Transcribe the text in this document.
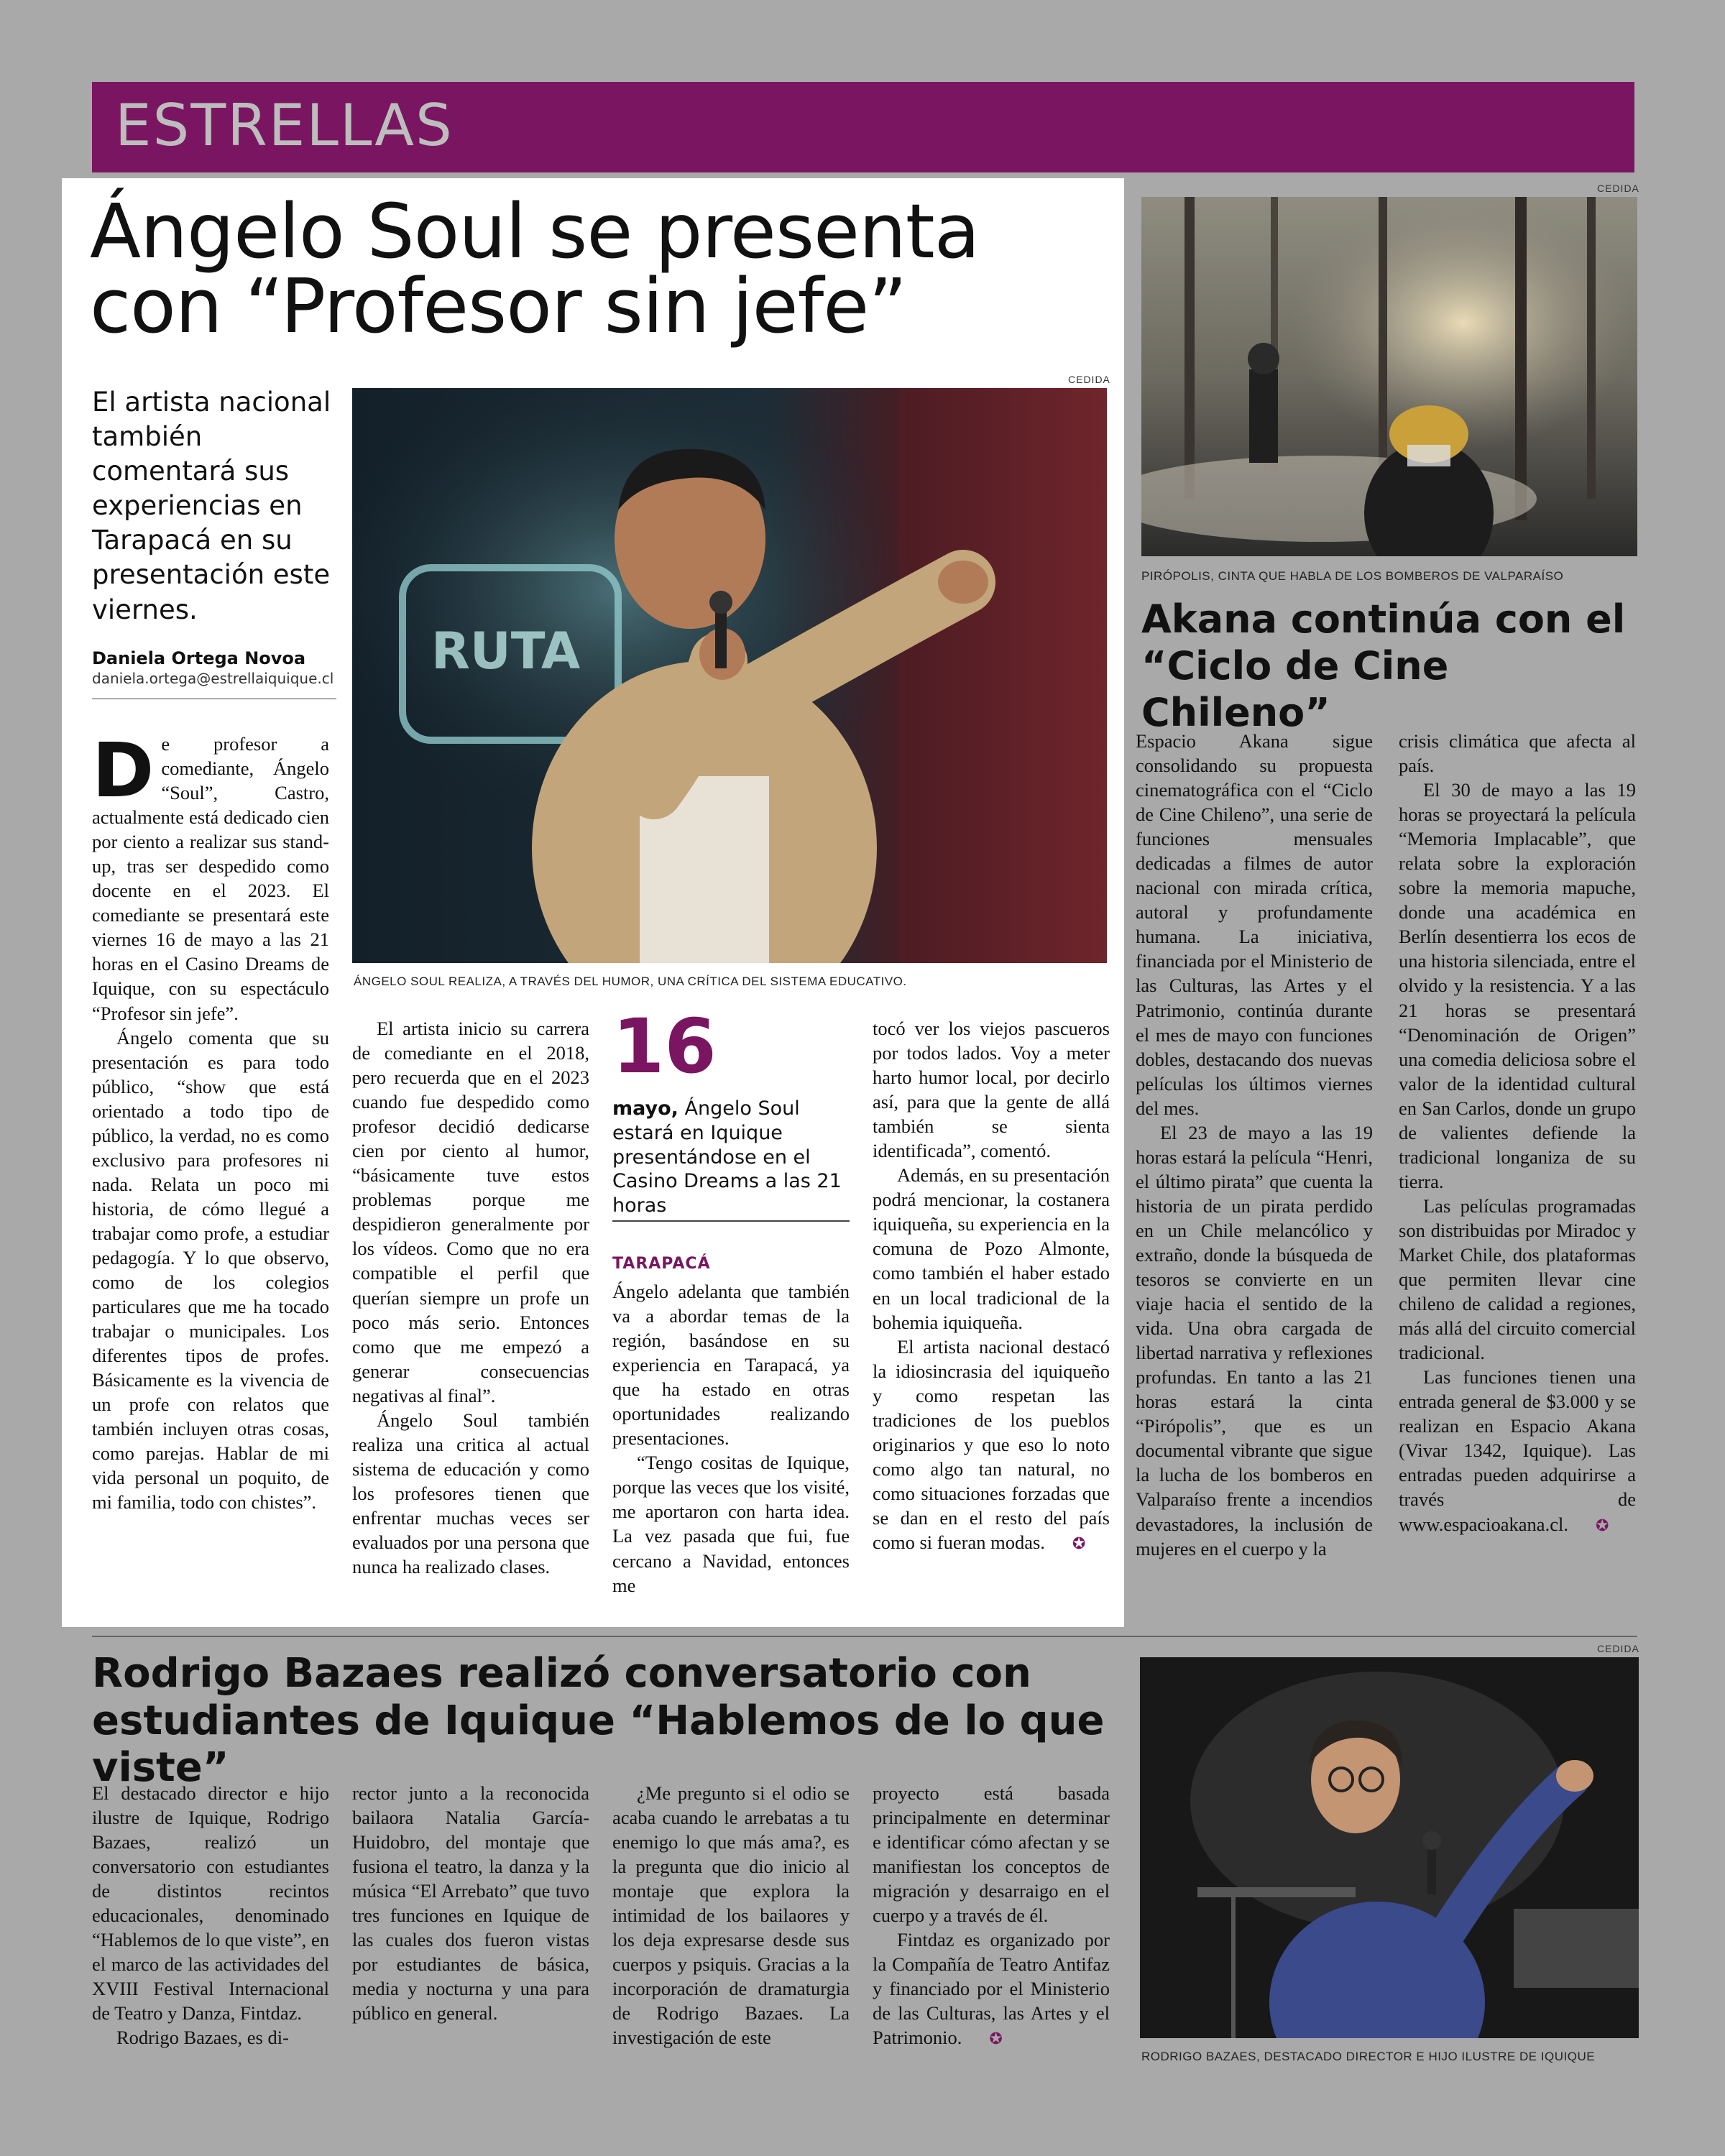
ESTRELLAS
Ángelo Soul se presenta con “Profesor sin jefe”
El artista nacional también comentará sus experiencias en Tarapacá en su presentación este viernes.
Daniela Ortega Novoa
daniela.ortega@estrellaiquique.cl
CEDIDA
RUTA
ÁNGELO SOUL REALIZA, A TRAVÉS DEL HUMOR, UNA CRÍTICA DEL SISTEMA EDUCATIVO.

De profesor a comediante, Ángelo “Soul”, Castro, actualmente está dedicado cien por ciento a realizar sus stand-up, tras ser despedido como docente en el 2023. El comediante se presentará este viernes 16 de mayo a las 21 horas en el Casino Dreams de Iquique, con su espectáculo “Profesor sin jefe”.

Ángelo comenta que su presentación es para todo público, “show que está orientado a todo tipo de público, la verdad, no es como exclusivo para profesores ni nada. Relata un poco mi historia, de cómo llegué a trabajar como profe, a estudiar pedagogía. Y lo que observo, como de los colegios particulares que me ha tocado trabajar o municipales. Los diferentes tipos de profes. Básicamente es la vivencia de un profe con relatos que también incluyen otras cosas, como parejas. Hablar de mi vida personal un poquito, de mi familia, todo con chistes”.

El artista inicio su carrera de comediante en el 2018, pero recuerda que en el 2023 cuando fue despedido como profesor decidió dedicarse cien por ciento al humor, “básicamente tuve estos problemas porque me despidieron generalmente por los vídeos. Como que no era compatible el perfil que querían siempre un profe un poco más serio. Entonces como que me empezó a generar consecuencias negativas al final”.

Ángelo Soul también realiza una critica al actual sistema de educación y como los profesores tienen que enfrentar muchas veces ser evaluados por una persona que nunca ha realizado clases.

16
mayo, Ángelo Soul estará en Iquique presentándose en el Casino Dreams a las 21 horas
TARAPACÁ

Ángelo adelanta que también va a abordar temas de la región, basándose en su experiencia en Tarapacá, ya que ha estado en otras oportunidades realizando presentaciones.

“Tengo cositas de Iquique, porque las veces que los visité, me aportaron con harta idea. La vez pasada que fui, fue cercano a Navidad, entonces me

tocó ver los viejos pascueros por todos lados. Voy a meter harto humor local, por decirlo así, para que la gente de allá también se sienta identificada”, comentó.

Además, en su presentación podrá mencionar, la costanera iquiqueña, su experiencia en la comuna de Pozo Almonte, como también el haber estado en un local tradicional de la bohemia iquiqueña.

El artista nacional destacó la idiosincrasia del iquiqueño y como respetan las tradiciones de los pueblos originarios y que eso lo noto como algo tan natural, no como situaciones forzadas que se dan en el resto del país como si fueran modas. ✪

CEDIDA
PIRÓPOLIS, CINTA QUE HABLA DE LOS BOMBEROS DE VALPARAÍSO
Akana continúa con el “Ciclo de Cine Chileno”

Espacio Akana sigue consolidando su propuesta cinematográfica con el “Ciclo de Cine Chileno”, una serie de funciones mensuales dedicadas a filmes de autor nacional con mirada crítica, autoral y profundamente humana. La iniciativa, financiada por el Ministerio de las Culturas, las Artes y el Patrimonio, continúa durante el mes de mayo con funciones dobles, destacando dos nuevas películas los últimos viernes del mes.

El 23 de mayo a las 19 horas estará la película “Henri, el último pirata” que cuenta la historia de un pirata perdido en un Chile melancólico y extraño, donde la búsqueda de tesoros se convierte en un viaje hacia el sentido de la vida. Una obra cargada de libertad narrativa y reflexiones profundas. En tanto a las 21 horas estará la cinta “Pirópolis”, que es un documental vibrante que sigue la lucha de los bomberos en Valparaíso frente a incendios devastadores, la inclusión de mujeres en el cuerpo y la

crisis climática que afecta al país.

El 30 de mayo a las 19 horas se proyectará la película “Memoria Implacable”, que relata sobre la exploración sobre la memoria mapuche, donde una académica en Berlín desentierra los ecos de una historia silenciada, entre el olvido y la resistencia. Y a las 21 horas se presentará “Denominación de Origen” una comedia deliciosa sobre el valor de la identidad cultural en San Carlos, donde un grupo de valientes defiende la tradicional longaniza de su tierra.

Las películas programadas son distribuidas por Miradoc y Market Chile, dos plataformas que permiten llevar cine chileno de calidad a regiones, más allá del circuito comercial tradicional.

Las funciones tienen una entrada general de $3.000 y se realizan en Espacio Akana (Vivar 1342, Iquique). Las entradas pueden adquirirse a través de www.espacioakana.cl. ✪

Rodrigo Bazaes realizó conversatorio con estudiantes de Iquique “Hablemos de lo que viste”

El destacado director e hijo ilustre de Iquique, Rodrigo Bazaes, realizó un conversatorio con estudiantes de distintos recintos educacionales, denominado “Hablemos de lo que viste”, en el marco de las actividades del XVIII Festival Internacional de Teatro y Danza, Fintdaz.

Rodrigo Bazaes, es di-

rector junto a la reconocida bailaora Natalia García-Huidobro, del montaje que fusiona el teatro, la danza y la música “El Arrebato” que tuvo tres funciones en Iquique de las cuales dos fueron vistas por estudiantes de básica, media y nocturna y una para público en general.

¿Me pregunto si el odio se acaba cuando le arrebatas a tu enemigo lo que más ama?, es la pregunta que dio inicio al montaje que explora la intimidad de los bailaores y los deja expresarse desde sus cuerpos y psiquis. Gracias a la incorporación de dramaturgia de Rodrigo Bazaes. La investigación de este

proyecto está basada principalmente en determinar e identificar cómo afectan y se manifiestan los conceptos de migración y desarraigo en el cuerpo y a través de él.

Fintdaz es organizado por la Compañía de Teatro Antifaz y financiado por el Ministerio de las Culturas, las Artes y el Patrimonio. ✪

CEDIDA
RODRIGO BAZAES, DESTACADO DIRECTOR E HIJO ILUSTRE DE IQUIQUE
